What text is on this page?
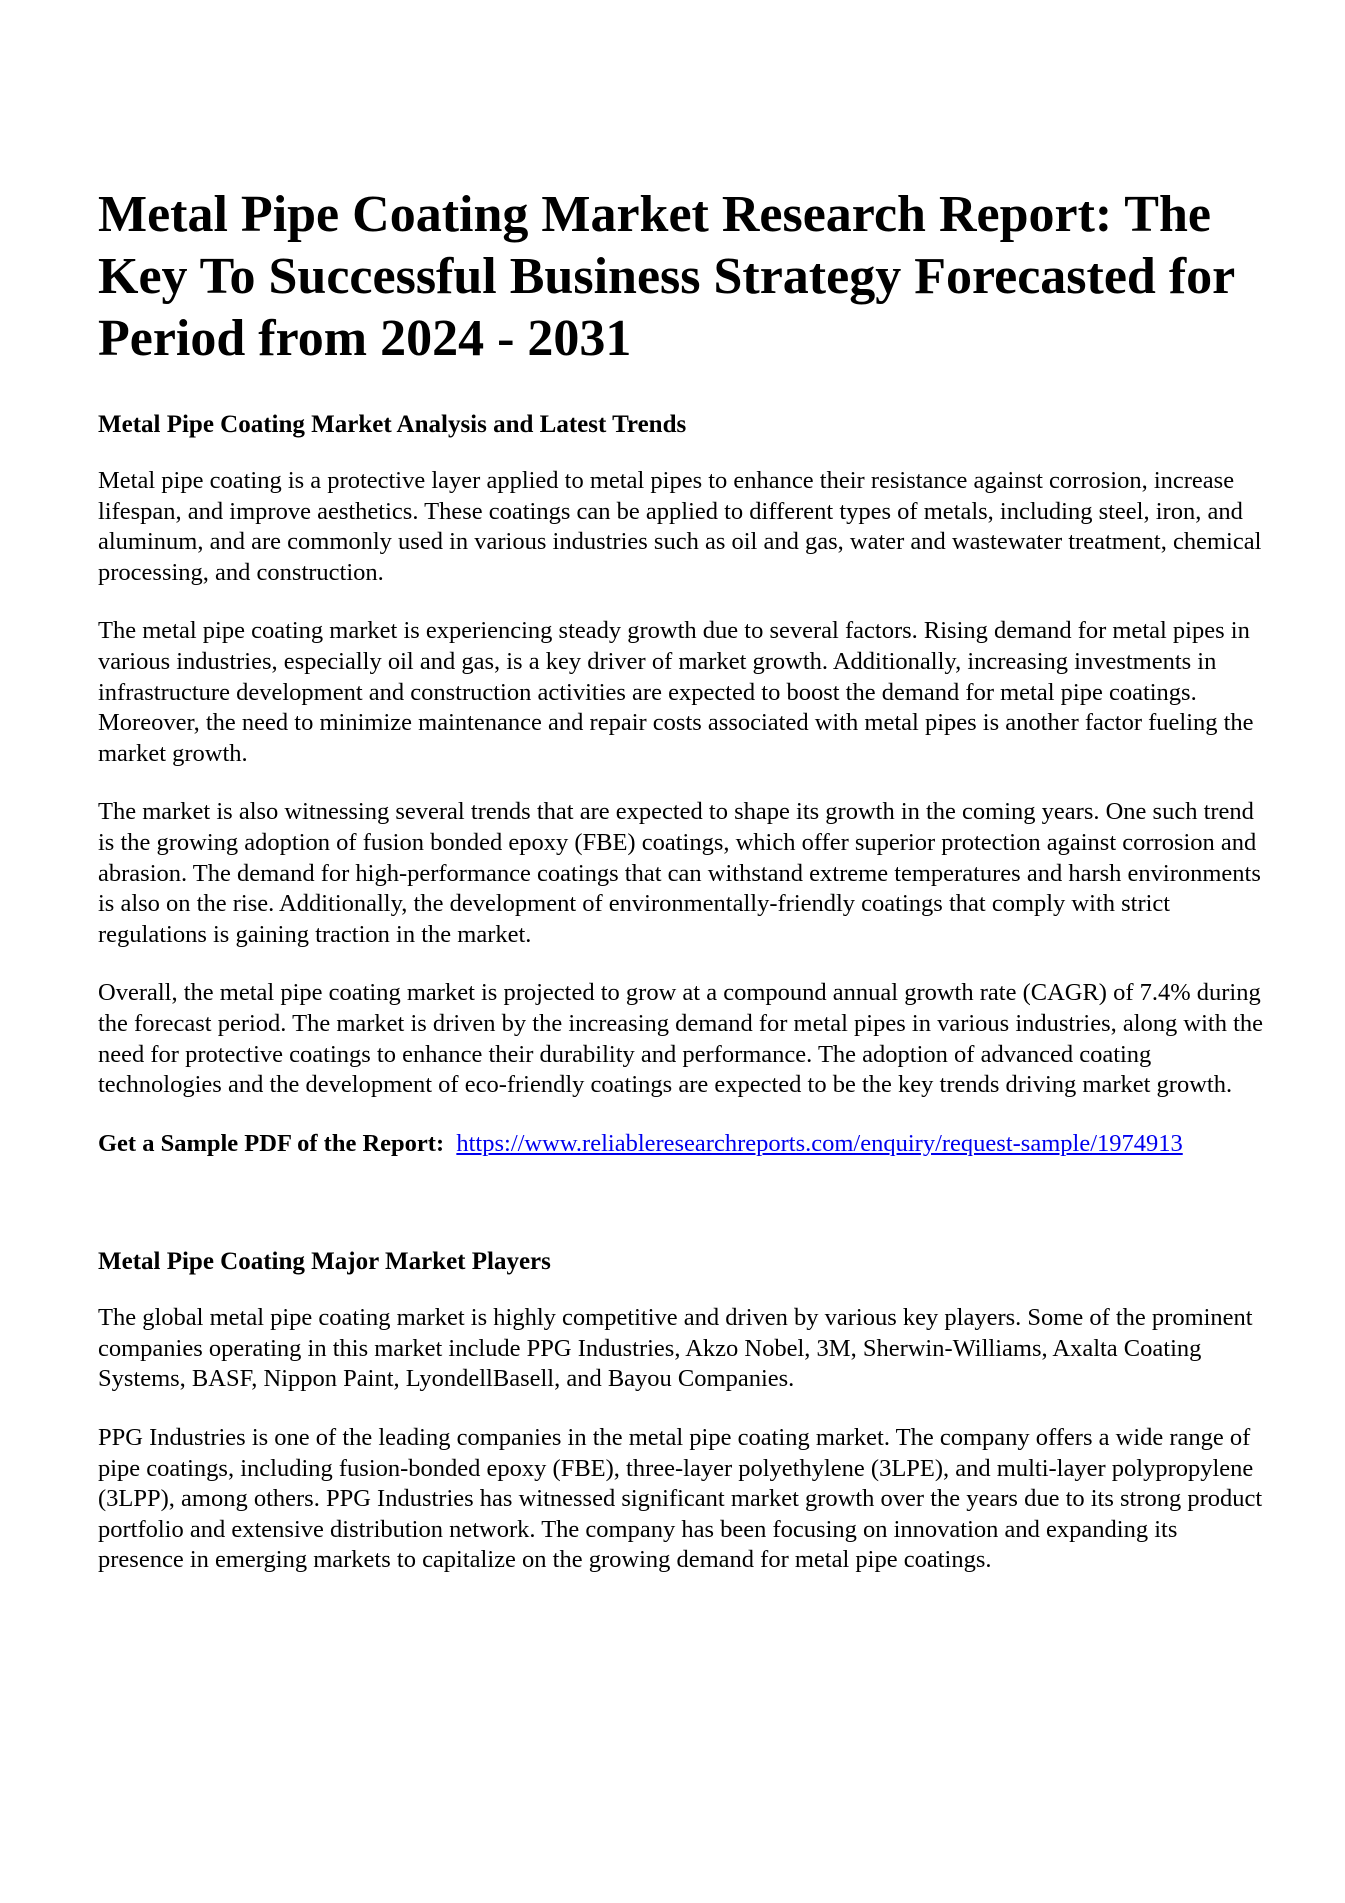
Metal Pipe Coating Market Research Report: The Key To Successful Business Strategy Forecasted for Period from 2024 - 2031
Metal Pipe Coating Market Analysis and Latest Trends

Metal pipe coating is a protective layer applied to metal pipes to enhance their resistance against corrosion, increase lifespan, and improve aesthetics. These coatings can be applied to different types of metals, including steel, iron, and aluminum, and are commonly used in various industries such as oil and gas, water and wastewater treatment, chemical processing, and construction.

The metal pipe coating market is experiencing steady growth due to several factors. Rising demand for metal pipes in various industries, especially oil and gas, is a key driver of market growth. Additionally, increasing investments in infrastructure development and construction activities are expected to boost the demand for metal pipe coatings. Moreover, the need to minimize maintenance and repair costs associated with metal pipes is another factor fueling the market growth.

The market is also witnessing several trends that are expected to shape its growth in the coming years. One such trend is the growing adoption of fusion bonded epoxy (FBE) coatings, which offer superior protection against corrosion and abrasion. The demand for high-performance coatings that can withstand extreme temperatures and harsh environments is also on the rise. Additionally, the development of environmentally-friendly coatings that comply with strict regulations is gaining traction in the market.

Overall, the metal pipe coating market is projected to grow at a compound annual growth rate (CAGR) of 7.4% during the forecast period. The market is driven by the increasing demand for metal pipes in various industries, along with the need for protective coatings to enhance their durability and performance. The adoption of advanced coating technologies and the development of eco-friendly coatings are expected to be the key trends driving market growth.

Get a Sample PDF of the Report: https://www.reliableresearchreports.com/enquiry/request-sample/1974913

Metal Pipe Coating Major Market Players

The global metal pipe coating market is highly competitive and driven by various key players. Some of the prominent companies operating in this market include PPG Industries, Akzo Nobel, 3M, Sherwin-Williams, Axalta Coating Systems, BASF, Nippon Paint, LyondellBasell, and Bayou Companies.

PPG Industries is one of the leading companies in the metal pipe coating market. The company offers a wide range of pipe coatings, including fusion-bonded epoxy (FBE), three-layer polyethylene (3LPE), and multi-layer polypropylene (3LPP), among others. PPG Industries has witnessed significant market growth over the years due to its strong product portfolio and extensive distribution network. The company has been focusing on innovation and expanding its presence in emerging markets to capitalize on the growing demand for metal pipe coatings.
